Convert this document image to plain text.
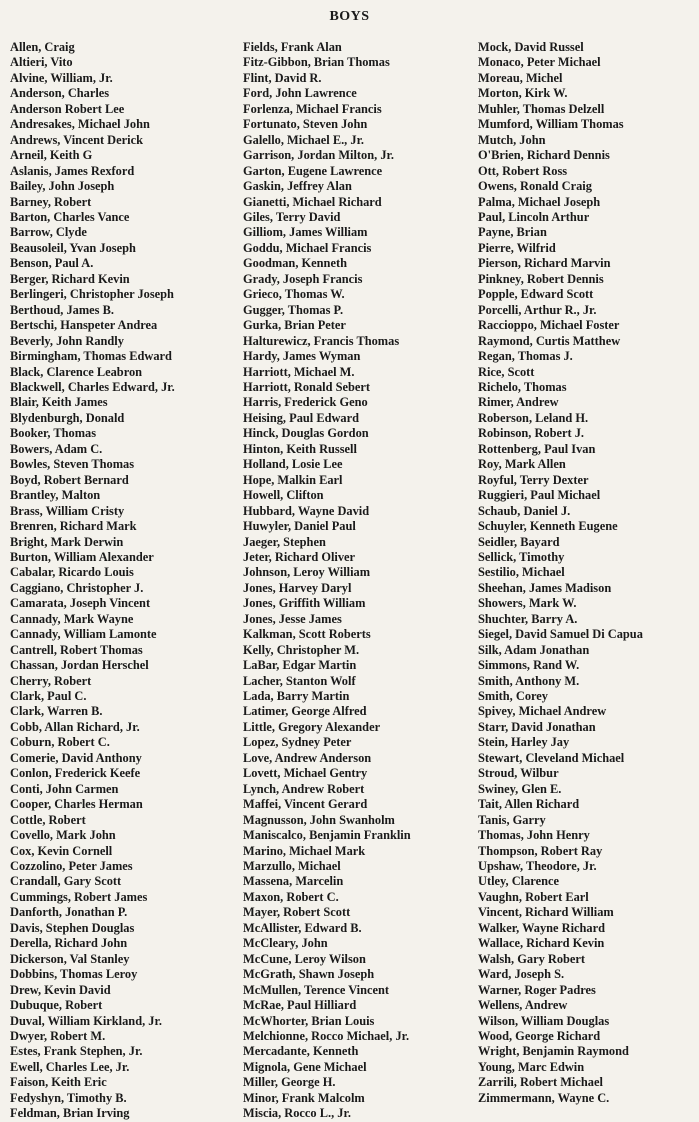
BOYS
Allen, Craig
Altieri, Vito
Alvine, William, Jr.
Anderson, Charles
Anderson Robert Lee
Andresakes, Michael John
Andrews, Vincent Derick
Arneil, Keith G
Aslanis, James Rexford
Bailey, John Joseph
Barney, Robert
Barton, Charles Vance
Barrow, Clyde
Beausoleil, Yvan Joseph
Benson, Paul A.
Berger, Richard Kevin
Berlingeri, Christopher Joseph
Berthoud, James B.
Bertschi, Hanspeter Andrea
Beverly, John Randly
Birmingham, Thomas Edward
Black, Clarence Leabron
Blackwell, Charles Edward, Jr.
Blair, Keith James
Blydenburgh, Donald
Booker, Thomas
Bowers, Adam C.
Bowles, Steven Thomas
Boyd, Robert Bernard
Brantley, Malton
Brass, William Cristy
Brenren, Richard Mark
Bright, Mark Derwin
Burton, William Alexander
Cabalar, Ricardo Louis
Caggiano, Christopher J.
Camarata, Joseph Vincent
Cannady, Mark Wayne
Cannady, William Lamonte
Cantrell, Robert Thomas
Chassan, Jordan Herschel
Cherry, Robert
Clark, Paul C.
Clark, Warren B.
Cobb, Allan Richard, Jr.
Coburn, Robert C.
Comerie, David Anthony
Conlon, Frederick Keefe
Conti, John Carmen
Cooper, Charles Herman
Cottle, Robert
Covello, Mark John
Cox, Kevin Cornell
Cozzolino, Peter James
Crandall, Gary Scott
Cummings, Robert James
Danforth, Jonathan P.
Davis, Stephen Douglas
Derella, Richard John
Dickerson, Val Stanley
Dobbins, Thomas Leroy
Drew, Kevin David
Dubuque, Robert
Duval, William Kirkland, Jr.
Dwyer, Robert M.
Estes, Frank Stephen, Jr.
Ewell, Charles Lee, Jr.
Faison, Keith Eric
Fedyshyn, Timothy B.
Feldman, Brian Irving
Fields, Frank Alan
Fitz-Gibbon, Brian Thomas
Flint, David R.
Ford, John Lawrence
Forlenza, Michael Francis
Fortunato, Steven John
Galello, Michael E., Jr.
Garrison, Jordan Milton, Jr.
Garton, Eugene Lawrence
Gaskin, Jeffrey Alan
Gianetti, Michael Richard
Giles, Terry David
Gilliom, James William
Goddu, Michael Francis
Goodman, Kenneth
Grady, Joseph Francis
Grieco, Thomas W.
Gugger, Thomas P.
Gurka, Brian Peter
Halturewicz, Francis Thomas
Hardy, James Wyman
Harriott, Michael M.
Harriott, Ronald Sebert
Harris, Frederick Geno
Heising, Paul Edward
Hinck, Douglas Gordon
Hinton, Keith Russell
Holland, Losie Lee
Hope, Malkin Earl
Howell, Clifton
Hubbard, Wayne David
Huwyler, Daniel Paul
Jaeger, Stephen
Jeter, Richard Oliver
Johnson, Leroy William
Jones, Harvey Daryl
Jones, Griffith William
Jones, Jesse James
Kalkman, Scott Roberts
Kelly, Christopher M.
LaBar, Edgar Martin
Lacher, Stanton Wolf
Lada, Barry Martin
Latimer, George Alfred
Little, Gregory Alexander
Lopez, Sydney Peter
Love, Andrew Anderson
Lovett, Michael Gentry
Lynch, Andrew Robert
Maffei, Vincent Gerard
Magnusson, John Swanholm
Maniscalco, Benjamin Franklin
Marino, Michael Mark
Marzullo, Michael
Massena, Marcelin
Maxon, Robert C.
Mayer, Robert Scott
McAllister, Edward B.
McCleary, John
McCune, Leroy Wilson
McGrath, Shawn Joseph
McMullen, Terence Vincent
McRae, Paul Hilliard
McWhorter, Brian Louis
Melchionne, Rocco Michael, Jr.
Mercadante, Kenneth
Mignola, Gene Michael
Miller, George H.
Minor, Frank Malcolm
Miscia, Rocco L., Jr.
Mock, David Russel
Monaco, Peter Michael
Moreau, Michel
Morton, Kirk W.
Muhler, Thomas Delzell
Mumford, William Thomas
Mutch, John
O'Brien, Richard Dennis
Ott, Robert Ross
Owens, Ronald Craig
Palma, Michael Joseph
Paul, Lincoln Arthur
Payne, Brian
Pierre, Wilfrid
Pierson, Richard Marvin
Pinkney, Robert Dennis
Popple, Edward Scott
Porcelli, Arthur R., Jr.
Raccioppo, Michael Foster
Raymond, Curtis Matthew
Regan, Thomas J.
Rice, Scott
Richelo, Thomas
Rimer, Andrew
Roberson, Leland H.
Robinson, Robert J.
Rottenberg, Paul Ivan
Roy, Mark Allen
Royful, Terry Dexter
Ruggieri, Paul Michael
Schaub, Daniel J.
Schuyler, Kenneth Eugene
Seidler, Bayard
Sellick, Timothy
Sestilio, Michael
Sheehan, James Madison
Showers, Mark W.
Shuchter, Barry A.
Siegel, David Samuel Di Capua
Silk, Adam Jonathan
Simmons, Rand W.
Smith, Anthony M.
Smith, Corey
Spivey, Michael Andrew
Starr, David Jonathan
Stein, Harley Jay
Stewart, Cleveland Michael
Stroud, Wilbur
Swiney, Glen E.
Tait, Allen Richard
Tanis, Garry
Thomas, John Henry
Thompson, Robert Ray
Upshaw, Theodore, Jr.
Utley, Clarence
Vaughn, Robert Earl
Vincent, Richard William
Walker, Wayne Richard
Wallace, Richard Kevin
Walsh, Gary Robert
Ward, Joseph S.
Warner, Roger Padres
Wellens, Andrew
Wilson, William Douglas
Wood, George Richard
Wright, Benjamin Raymond
Young, Marc Edwin
Zarrili, Robert Michael
Zimmermann, Wayne C.
